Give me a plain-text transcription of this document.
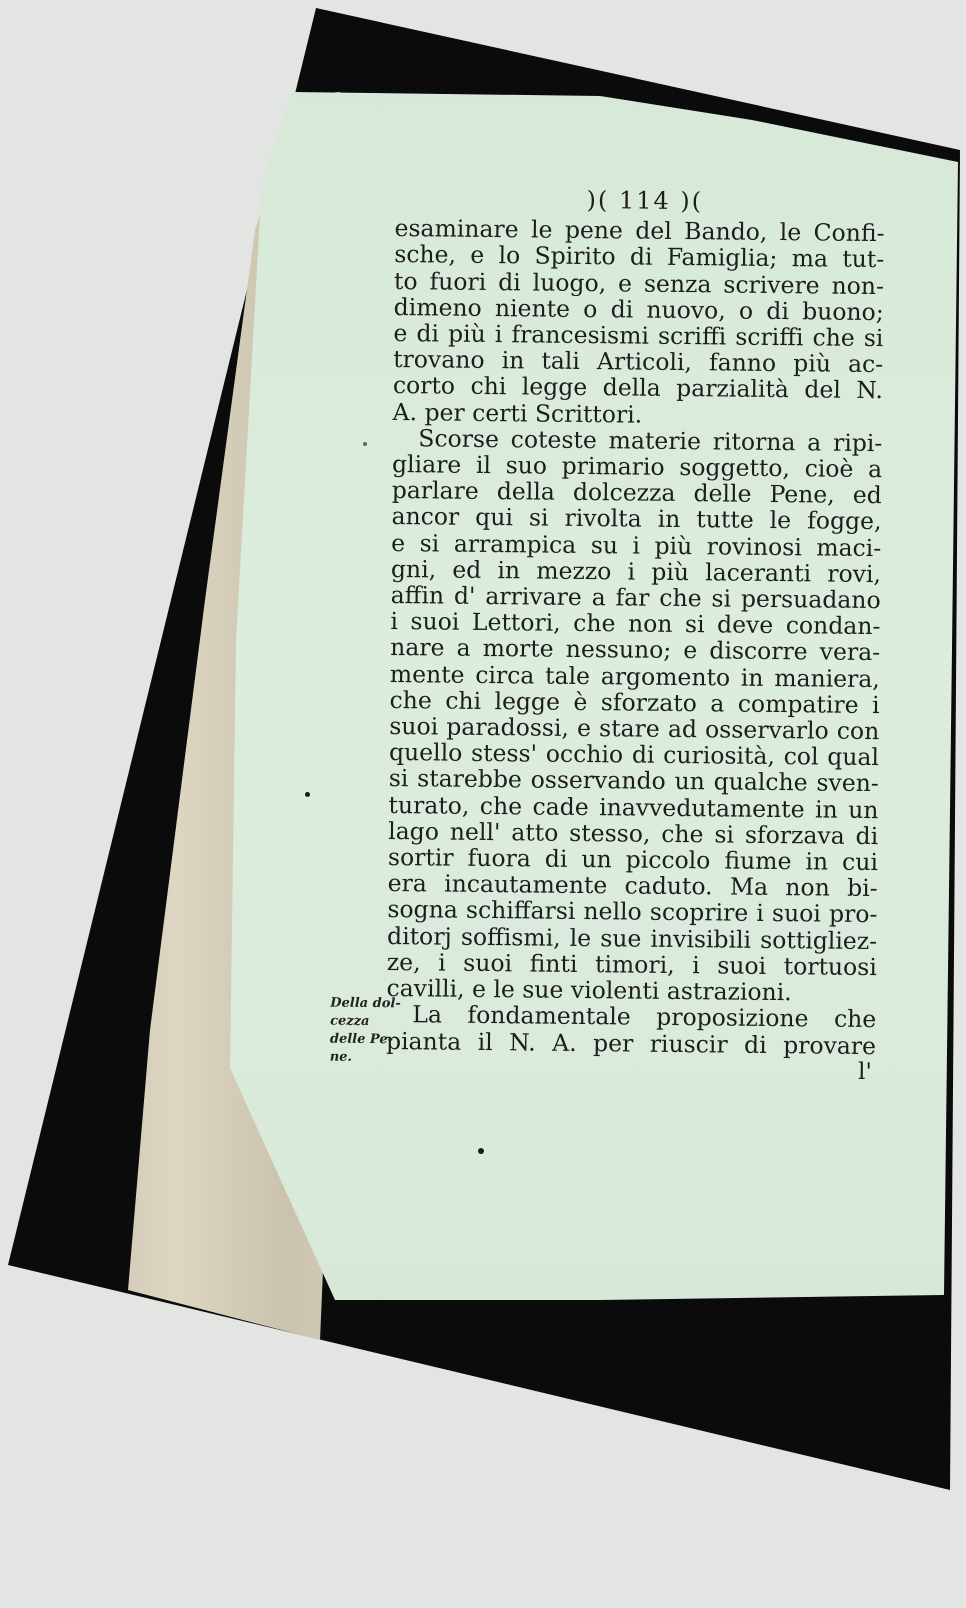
)( 114 )(
esaminare le pene del Bando, le Confi-
sche, e lo Spirito di Famiglia; ma tut-
to fuori di luogo, e senza scrivere non-
dimeno niente o di nuovo, o di buono;
e di più i francesismi scriffi scriffi che si
trovano in tali Articoli, fanno più ac-
corto chi legge della parzialità del N.
A. per certi Scrittori.
Scorse coteste materie ritorna a ripi-
gliare il suo primario soggetto, cioè a
parlare della dolcezza delle Pene, ed
ancor qui si rivolta in tutte le fogge,
e si arrampica su i più rovinosi maci-
gni, ed in mezzo i più laceranti rovi,
affin d' arrivare a far che si persuadano
i suoi Lettori, che non si deve condan-
nare a morte nessuno; e discorre vera-
mente circa tale argomento in maniera,
che chi legge è sforzato a compatire i
suoi paradossi, e stare ad osservarlo con
quello stess' occhio di curiosità, col qual
si starebbe osservando un qualche sven-
turato, che cade inavvedutamente in un
lago nell' atto stesso, che si sforzava di
sortir fuora di un piccolo fiume in cui
era incautamente caduto. Ma non bi-
sogna schiffarsi nello scoprire i suoi pro-
ditorj soffismi, le sue invisibili sottigliez-
ze, i suoi finti timori, i suoi tortuosi
cavilli, e le sue violenti astrazioni.
La fondamentale proposizione che
pianta il N. A. per riuscir di provare
l'
Della dol-
cezza
delle Pe-
ne.
